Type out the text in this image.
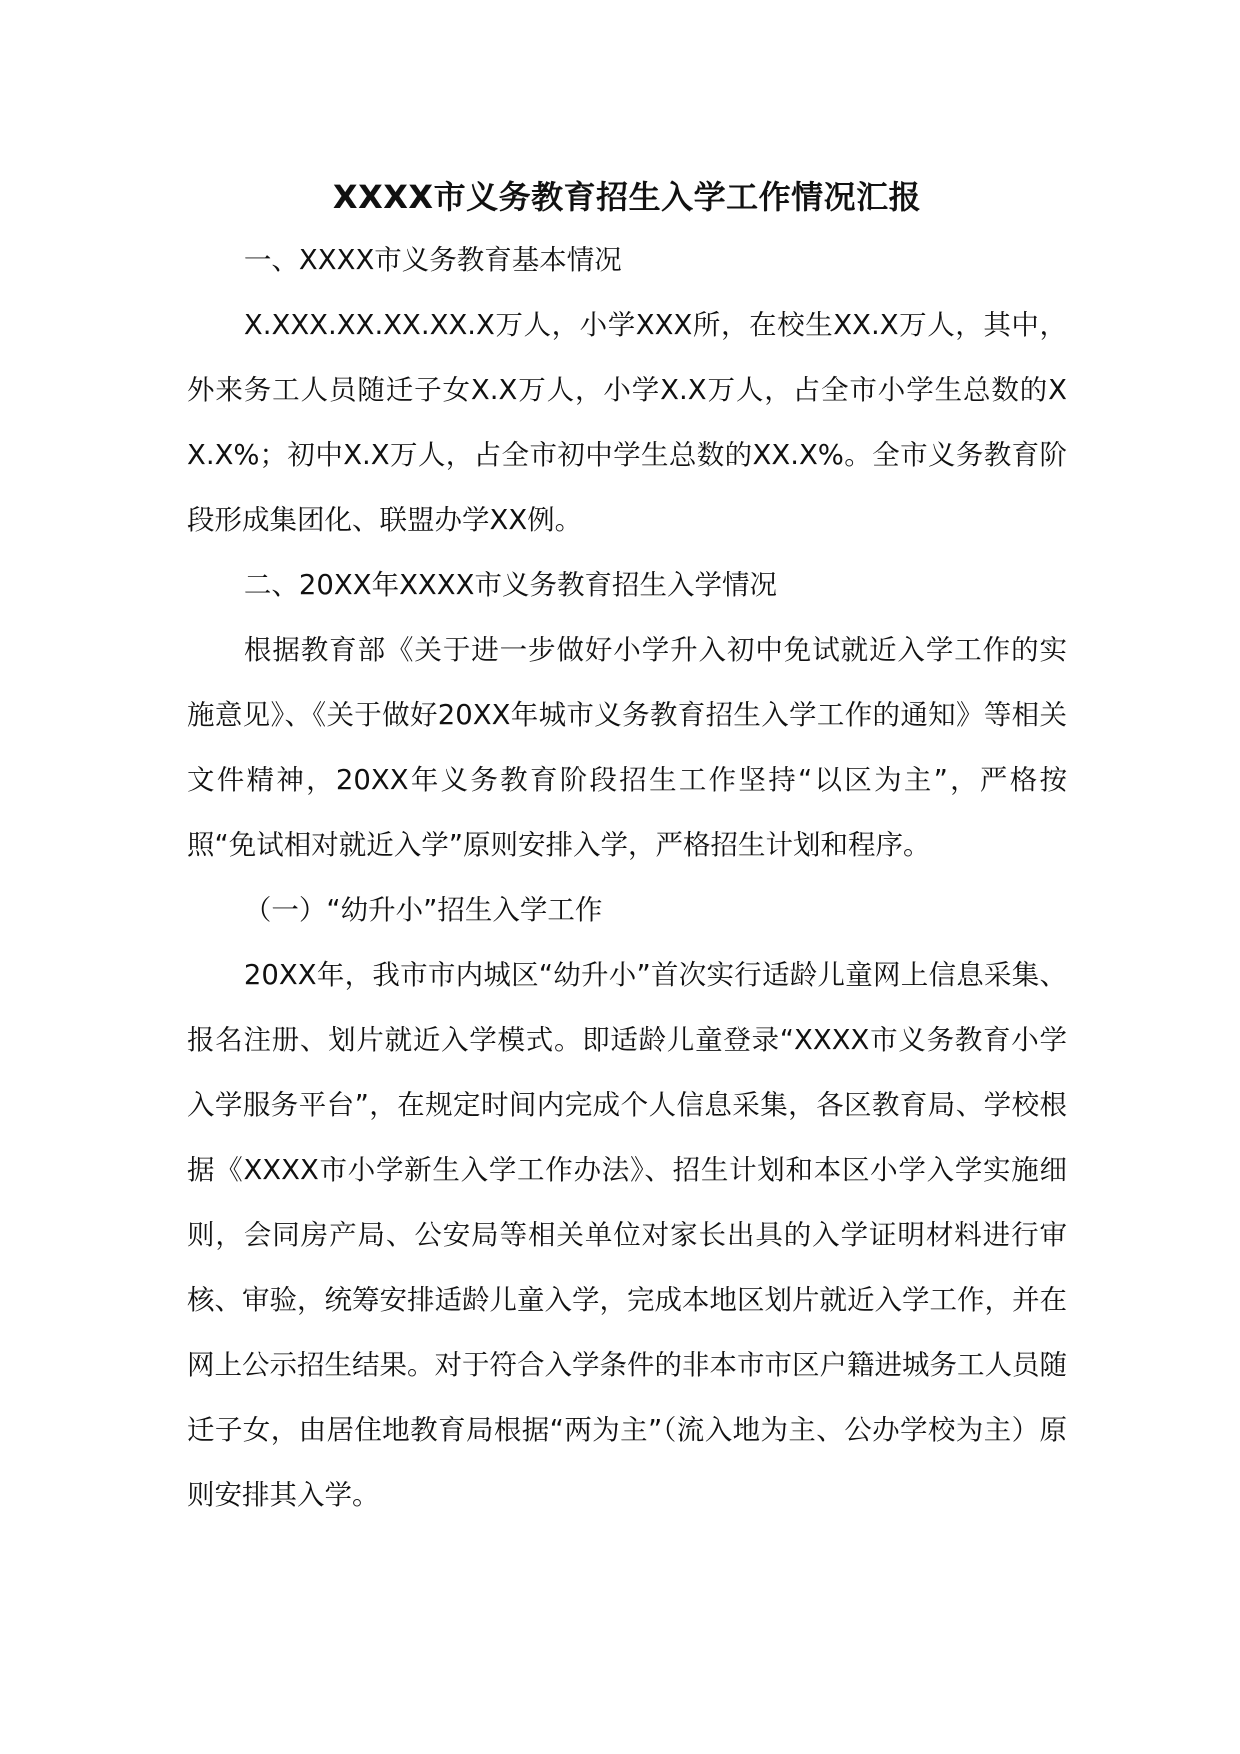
XXXX市义务教育招生入学工作情况汇报

一、XXXX市义务教育基本情况

X.XXX.XX.XX.XX.X万人，小学XXX所，在校生XX.X万人，其中，外来务工人员随迁子女X.X万人，小学X.X万人，占全市小学生总数的XX.X%；初中X.X万人，占全市初中学生总数的XX.X%。全市义务教育阶段形成集团化、联盟办学XX例。

二、20XX年XXXX市义务教育招生入学情况

根据教育部《关于进一步做好小学升入初中免试就近入学工作的实施意见》、《关于做好20XX年城市义务教育招生入学工作的通知》等相关文件精神，20XX年义务教育阶段招生工作坚持“以区为主”，严格按照“免试相对就近入学”原则安排入学，严格招生计划和程序。

（一）“幼升小”招生入学工作

20XX年，我市市内城区“幼升小”首次实行适龄儿童网上信息采集、报名注册、划片就近入学模式。即适龄儿童登录“XXXX市义务教育小学入学服务平台”，在规定时间内完成个人信息采集，各区教育局、学校根据《XXXX市小学新生入学工作办法》、招生计划和本区小学入学实施细则，会同房产局、公安局等相关单位对家长出具的入学证明材料进行审核、审验，统筹安排适龄儿童入学，完成本地区划片就近入学工作，并在网上公示招生结果。对于符合入学条件的非本市市区户籍进城务工人员随迁子女，由居住地教育局根据“两为主”（流入地为主、公办学校为主）原则安排其入学。
